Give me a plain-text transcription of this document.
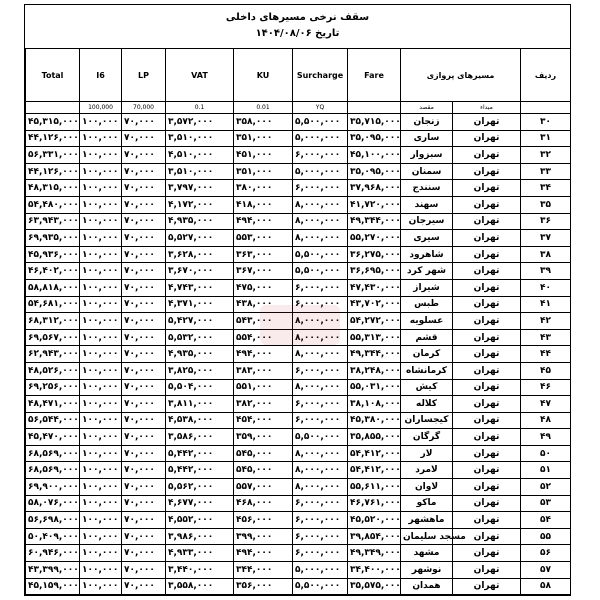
سقف نرخی مسیرهای داخلی
تاریخ ۱۴۰۴/۰۸/۰۶
Total	I6	LP	VAT	KU	Surcharge	Fare	مسیرهای پروازی		ردیف
	100,000	70,000	0.1	0.01	YQ		مقصد	مبداء	
۴۵,۳۱۵,۰۰۰	۱۰۰,۰۰۰	۷۰,۰۰۰	۳,۵۷۲,۰۰۰	۳۵۸,۰۰۰	۵,۵۰۰,۰۰۰	۳۵,۷۱۵,۰۰۰	زنجان	تهران	۳۰
۴۴,۱۲۶,۰۰۰	۱۰۰,۰۰۰	۷۰,۰۰۰	۳,۵۱۰,۰۰۰	۳۵۱,۰۰۰	۵,۰۰۰,۰۰۰	۳۵,۰۹۵,۰۰۰	ساری	تهران	۳۱
۵۶,۳۳۱,۰۰۰	۱۰۰,۰۰۰	۷۰,۰۰۰	۴,۵۱۰,۰۰۰	۴۵۱,۰۰۰	۶,۰۰۰,۰۰۰	۴۵,۱۰۰,۰۰۰	سبزوار	تهران	۳۲
۴۴,۱۲۶,۰۰۰	۱۰۰,۰۰۰	۷۰,۰۰۰	۳,۵۱۰,۰۰۰	۳۵۱,۰۰۰	۵,۰۰۰,۰۰۰	۳۵,۰۹۵,۰۰۰	سمنان	تهران	۳۳
۴۸,۳۱۵,۰۰۰	۱۰۰,۰۰۰	۷۰,۰۰۰	۳,۷۹۷,۰۰۰	۳۸۰,۰۰۰	۶,۰۰۰,۰۰۰	۳۷,۹۶۸,۰۰۰	سنندج	تهران	۳۴
۵۴,۴۸۰,۰۰۰	۱۰۰,۰۰۰	۷۰,۰۰۰	۴,۱۷۲,۰۰۰	۴۱۸,۰۰۰	۸,۰۰۰,۰۰۰	۴۱,۷۲۰,۰۰۰	سهند	تهران	۳۵
۶۳,۹۴۳,۰۰۰	۱۰۰,۰۰۰	۷۰,۰۰۰	۴,۹۳۵,۰۰۰	۴۹۴,۰۰۰	۸,۰۰۰,۰۰۰	۴۹,۳۴۴,۰۰۰	سیرجان	تهران	۳۶
۶۹,۹۳۵,۰۰۰	۱۰۰,۰۰۰	۷۰,۰۰۰	۵,۵۲۷,۰۰۰	۵۵۳,۰۰۰	۸,۰۰۰,۰۰۰	۵۵,۲۷۰,۰۰۰	سیری	تهران	۳۷
۴۵,۹۳۶,۰۰۰	۱۰۰,۰۰۰	۷۰,۰۰۰	۳,۶۲۸,۰۰۰	۳۶۳,۰۰۰	۵,۵۰۰,۰۰۰	۳۶,۲۷۵,۰۰۰	شاهرود	تهران	۳۸
۴۶,۴۰۲,۰۰۰	۱۰۰,۰۰۰	۷۰,۰۰۰	۳,۶۷۰,۰۰۰	۳۶۷,۰۰۰	۵,۵۰۰,۰۰۰	۳۶,۶۹۵,۰۰۰	شهر کرد	تهران	۳۹
۵۸,۸۱۸,۰۰۰	۱۰۰,۰۰۰	۷۰,۰۰۰	۴,۷۴۳,۰۰۰	۴۷۵,۰۰۰	۶,۰۰۰,۰۰۰	۴۷,۴۳۰,۰۰۰	شیراز	تهران	۴۰
۵۴,۶۸۱,۰۰۰	۱۰۰,۰۰۰	۷۰,۰۰۰	۴,۳۷۱,۰۰۰	۴۳۸,۰۰۰	۶,۰۰۰,۰۰۰	۴۳,۷۰۲,۰۰۰	طبس	تهران	۴۱
۶۸,۳۱۲,۰۰۰	۱۰۰,۰۰۰	۷۰,۰۰۰	۵,۴۲۷,۰۰۰	۵۴۳,۰۰۰	۸,۰۰۰,۰۰۰	۵۴,۲۷۲,۰۰۰	عسلویه	تهران	۴۲
۶۹,۵۶۷,۰۰۰	۱۰۰,۰۰۰	۷۰,۰۰۰	۵,۵۳۲,۰۰۰	۵۵۴,۰۰۰	۸,۰۰۰,۰۰۰	۵۵,۳۱۳,۰۰۰	قشم	تهران	۴۳
۶۲,۹۴۳,۰۰۰	۱۰۰,۰۰۰	۷۰,۰۰۰	۴,۹۳۵,۰۰۰	۴۹۴,۰۰۰	۸,۰۰۰,۰۰۰	۴۹,۳۴۴,۰۰۰	کرمان	تهران	۴۴
۴۸,۵۲۶,۰۰۰	۱۰۰,۰۰۰	۷۰,۰۰۰	۳,۸۲۵,۰۰۰	۳۸۳,۰۰۰	۶,۰۰۰,۰۰۰	۳۸,۲۴۸,۰۰۰	کرمانشاه	تهران	۴۵
۶۹,۲۵۶,۰۰۰	۱۰۰,۰۰۰	۷۰,۰۰۰	۵,۵۰۴,۰۰۰	۵۵۱,۰۰۰	۸,۰۰۰,۰۰۰	۵۵,۰۳۱,۰۰۰	کیش	تهران	۴۶
۴۸,۴۷۱,۰۰۰	۱۰۰,۰۰۰	۷۰,۰۰۰	۳,۸۱۱,۰۰۰	۳۸۲,۰۰۰	۶,۰۰۰,۰۰۰	۳۸,۱۰۸,۰۰۰	کلاله	تهران	۴۷
۵۶,۵۴۴,۰۰۰	۱۰۰,۰۰۰	۷۰,۰۰۰	۴,۵۳۸,۰۰۰	۴۵۴,۰۰۰	۶,۰۰۰,۰۰۰	۴۵,۳۸۰,۰۰۰	کیجساران	تهران	۴۸
۴۵,۴۷۰,۰۰۰	۱۰۰,۰۰۰	۷۰,۰۰۰	۳,۵۸۶,۰۰۰	۳۵۹,۰۰۰	۵,۵۰۰,۰۰۰	۳۵,۸۵۵,۰۰۰	گرگان	تهران	۴۹
۶۸,۵۶۹,۰۰۰	۱۰۰,۰۰۰	۷۰,۰۰۰	۵,۴۴۲,۰۰۰	۵۴۵,۰۰۰	۸,۰۰۰,۰۰۰	۵۴,۴۱۲,۰۰۰	لار	تهران	۵۰
۶۸,۵۶۹,۰۰۰	۱۰۰,۰۰۰	۷۰,۰۰۰	۵,۴۴۲,۰۰۰	۵۴۵,۰۰۰	۸,۰۰۰,۰۰۰	۵۴,۴۱۲,۰۰۰	لامرد	تهران	۵۱
۶۹,۹۰۰,۰۰۰	۱۰۰,۰۰۰	۷۰,۰۰۰	۵,۵۶۲,۰۰۰	۵۵۷,۰۰۰	۸,۰۰۰,۰۰۰	۵۵,۶۱۱,۰۰۰	لاوان	تهران	۵۲
۵۸,۰۷۶,۰۰۰	۱۰۰,۰۰۰	۷۰,۰۰۰	۴,۶۷۷,۰۰۰	۴۶۸,۰۰۰	۶,۰۰۰,۰۰۰	۴۶,۷۶۱,۰۰۰	ماکو	تهران	۵۳
۵۶,۶۹۸,۰۰۰	۱۰۰,۰۰۰	۷۰,۰۰۰	۴,۵۵۲,۰۰۰	۴۵۶,۰۰۰	۶,۰۰۰,۰۰۰	۴۵,۵۲۰,۰۰۰	ماهشهر	تهران	۵۴
۵۰,۴۰۹,۰۰۰	۱۰۰,۰۰۰	۷۰,۰۰۰	۳,۹۸۶,۰۰۰	۳۹۹,۰۰۰	۶,۰۰۰,۰۰۰	۳۹,۸۵۴,۰۰۰	مسجد سلیمان	تهران	۵۵
۶۰,۹۴۶,۰۰۰	۱۰۰,۰۰۰	۷۰,۰۰۰	۴,۹۳۳,۰۰۰	۴۹۴,۰۰۰	۶,۰۰۰,۰۰۰	۴۹,۳۴۹,۰۰۰	مشهد	تهران	۵۶
۴۳,۳۹۹,۰۰۰	۱۰۰,۰۰۰	۷۰,۰۰۰	۳,۴۴۰,۰۰۰	۳۴۴,۰۰۰	۵,۰۰۰,۰۰۰	۳۴,۴۰۰,۰۰۰	نوشهر	تهران	۵۷
۴۵,۱۵۹,۰۰۰	۱۰۰,۰۰۰	۷۰,۰۰۰	۳,۵۵۸,۰۰۰	۳۵۶,۰۰۰	۵,۵۰۰,۰۰۰	۳۵,۵۷۵,۰۰۰	همدان	تهران	۵۸
